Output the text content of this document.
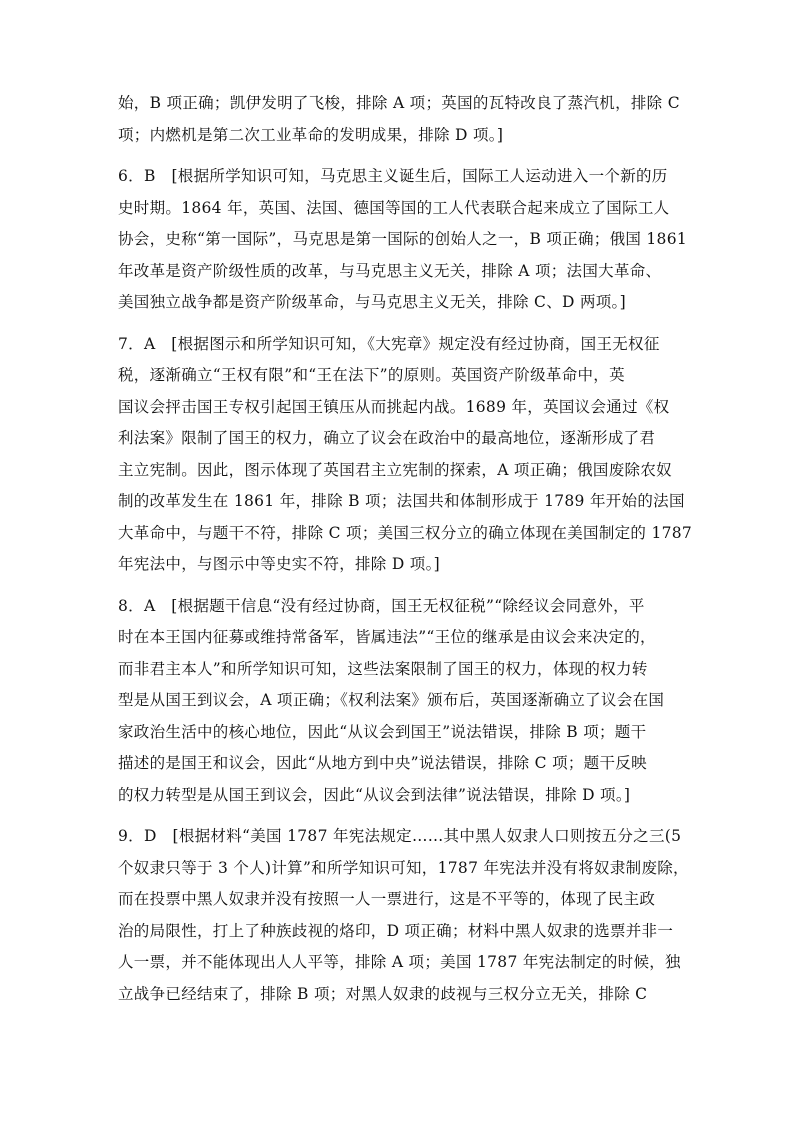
始，B 项正确；凯伊发明了飞梭，排除 A 项；英国的瓦特改良了蒸汽机，排除 C
项；内燃机是第二次工业革命的发明成果，排除 D 项。]
6．B　[根据所学知识可知，马克思主义诞生后，国际工人运动进入一个新的历
史时期。1864 年，英国、法国、德国等国的工人代表联合起来成立了国际工人
协会，史称“第一国际”，马克思是第一国际的创始人之一，B 项正确；俄国 1861
年改革是资产阶级性质的改革，与马克思主义无关，排除 A 项；法国大革命、
美国独立战争都是资产阶级革命，与马克思主义无关，排除 C、D 两项。]
7．A　[根据图示和所学知识可知，《大宪章》规定没有经过协商，国王无权征
税，逐渐确立“王权有限”和“王在法下”的原则。英国资产阶级革命中，英
国议会抨击国王专权引起国王镇压从而挑起内战。1689 年，英国议会通过《权
利法案》限制了国王的权力，确立了议会在政治中的最高地位，逐渐形成了君
主立宪制。因此，图示体现了英国君主立宪制的探索，A 项正确；俄国废除农奴
制的改革发生在 1861 年，排除 B 项；法国共和体制形成于 1789 年开始的法国
大革命中，与题干不符，排除 C 项；美国三权分立的确立体现在美国制定的 1787
年宪法中，与图示中等史实不符，排除 D 项。]
8．A　[根据题干信息“没有经过协商，国王无权征税”“除经议会同意外，平
时在本王国内征募或维持常备军，皆属违法”“王位的继承是由议会来决定的，
而非君主本人”和所学知识可知，这些法案限制了国王的权力，体现的权力转
型是从国王到议会，A 项正确；《权利法案》颁布后，英国逐渐确立了议会在国
家政治生活中的核心地位，因此“从议会到国王”说法错误，排除 B 项；题干
描述的是国王和议会，因此“从地方到中央”说法错误，排除 C 项；题干反映
的权力转型是从国王到议会，因此“从议会到法律”说法错误，排除 D 项。]
9．D　[根据材料“美国 1787 年宪法规定……其中黑人奴隶人口则按五分之三(5
个奴隶只等于 3 个人)计算”和所学知识可知，1787 年宪法并没有将奴隶制废除，
而在投票中黑人奴隶并没有按照一人一票进行，这是不平等的，体现了民主政
治的局限性，打上了种族歧视的烙印，D 项正确；材料中黑人奴隶的选票并非一
人一票，并不能体现出人人平等，排除 A 项；美国 1787 年宪法制定的时候，独
立战争已经结束了，排除 B 项；对黑人奴隶的歧视与三权分立无关，排除 C
